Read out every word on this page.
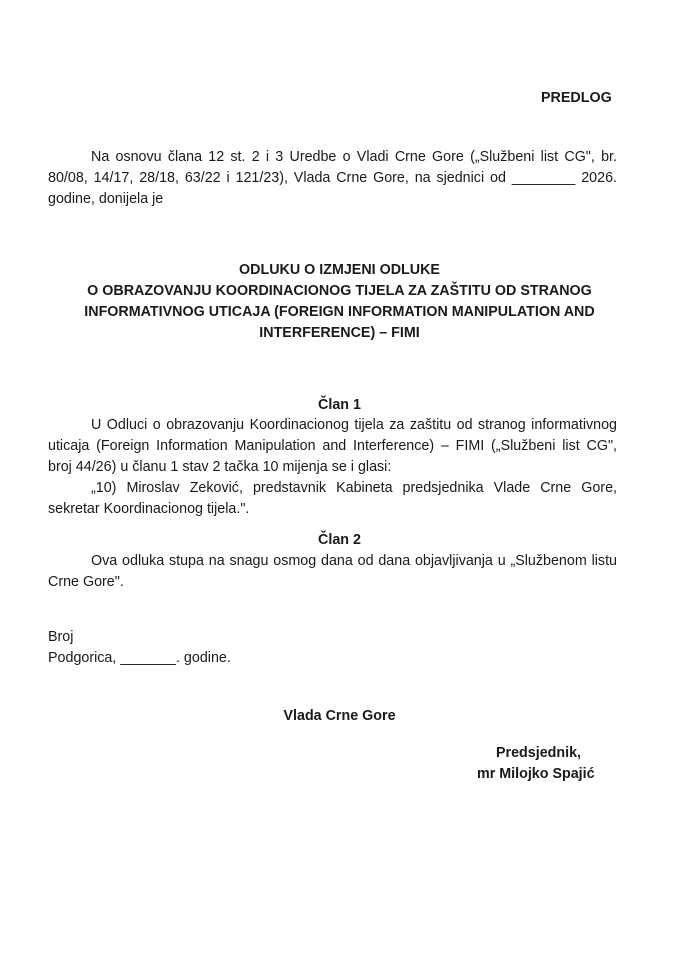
PREDLOG
Na osnovu člana 12 st. 2 i 3 Uredbe o Vladi Crne Gore („Službeni list CG", br.
80/08, 14/17, 28/18, 63/22 i 121/23), Vlada Crne Gore, na sjednici od ________ 2026.
godine, donijela je
ODLUKU O IZMJENI ODLUKE
O OBRAZOVANJU KOORDINACIONOG TIJELA ZA ZAŠTITU OD STRANOG
INFORMATIVNOG UTICAJA (FOREIGN INFORMATION MANIPULATION AND
INTERFERENCE) – FIMI
Član 1
U Odluci o obrazovanju Koordinacionog tijela za zaštitu od stranog informativnog
uticaja (Foreign Information Manipulation and Interference) – FIMI („Službeni list CG",
broj 44/26) u članu 1 stav 2 tačka 10 mijenja se i glasi:
„10) Miroslav Zeković, predstavnik Kabineta predsjednika Vlade Crne Gore,
sekretar Koordinacionog tijela.".
Član 2
Ova odluka stupa na snagu osmog dana od dana objavljivanja u „Službenom listu
Crne Gore".
Broj
Podgorica, _______. godine.
Vlada Crne Gore
Predsjednik,
mr Milojko Spajić
